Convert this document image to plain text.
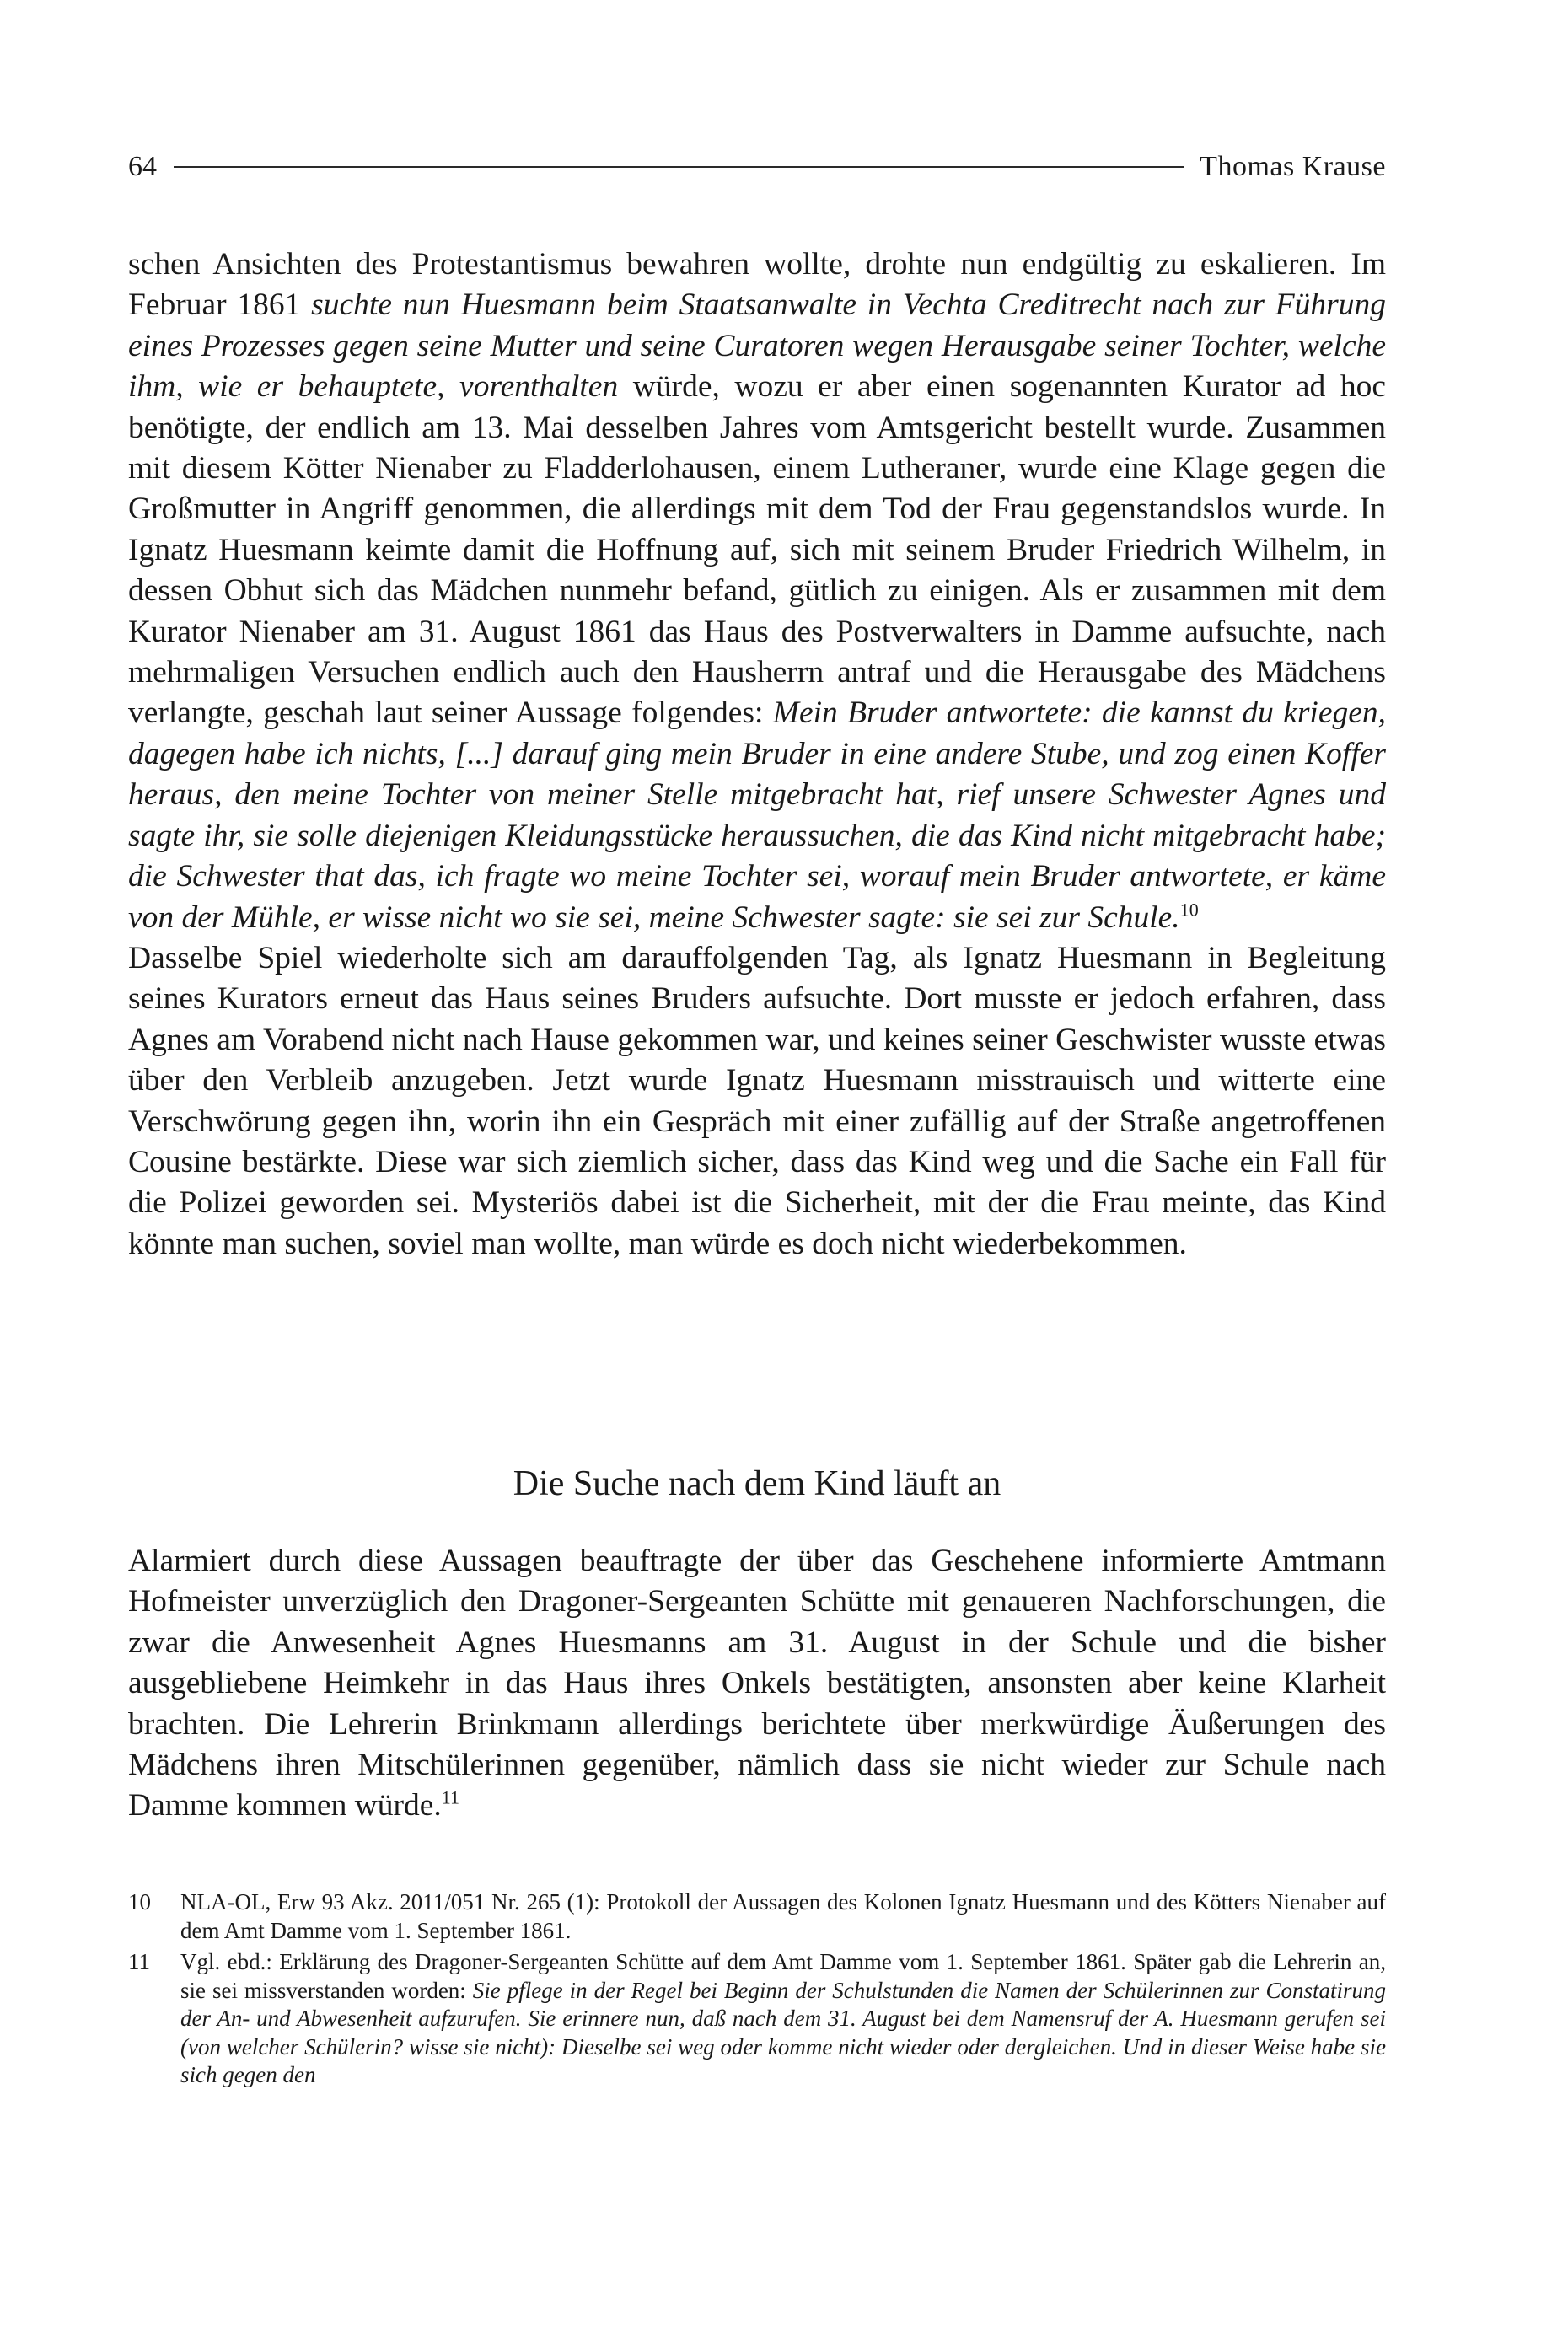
64	Thomas Krause

schen Ansichten des Protestantismus bewahren wollte, drohte nun endgültig zu eskalieren. Im Februar 1861 suchte nun Huesmann beim Staatsanwalte in Vechta Creditrecht nach zur Führung eines Prozesses gegen seine Mutter und seine Curatoren wegen Herausgabe seiner Tochter, welche ihm, wie er behauptete, vorenthalten würde, wozu er aber einen sogenannten Kurator ad hoc benötigte, der endlich am 13. Mai desselben Jahres vom Amtsgericht bestellt wurde. Zusammen mit diesem Kötter Nienaber zu Fladderlohausen, einem Lutheraner, wurde eine Klage gegen die Großmutter in Angriff genommen, die allerdings mit dem Tod der Frau gegenstandslos wurde. In Ignatz Huesmann keimte damit die Hoffnung auf, sich mit seinem Bruder Friedrich Wilhelm, in dessen Obhut sich das Mädchen nunmehr befand, gütlich zu einigen. Als er zusammen mit dem Kurator Nienaber am 31. August 1861 das Haus des Postverwalters in Damme aufsuchte, nach mehrmaligen Versuchen endlich auch den Hausherrn antraf und die Herausgabe des Mädchens verlangte, geschah laut seiner Aussage folgendes: Mein Bruder antwortete: die kannst du kriegen, dagegen habe ich nichts, [...] darauf ging mein Bruder in eine andere Stube, und zog einen Koffer heraus, den meine Tochter von meiner Stelle mitgebracht hat, rief unsere Schwester Agnes und sagte ihr, sie solle diejenigen Kleidungsstücke heraussuchen, die das Kind nicht mitgebracht habe; die Schwester that das, ich fragte wo meine Tochter sei, worauf mein Bruder antwortete, er käme von der Mühle, er wisse nicht wo sie sei, meine Schwester sagte: sie sei zur Schule.$^{10}$

Dasselbe Spiel wiederholte sich am darauffolgenden Tag, als Ignatz Huesmann in Begleitung seines Kurators erneut das Haus seines Bruders aufsuchte. Dort musste er jedoch erfahren, dass Agnes am Vorabend nicht nach Hause gekommen war, und keines seiner Geschwister wusste etwas über den Verbleib anzugeben. Jetzt wurde Ignatz Huesmann misstrauisch und witterte eine Verschwörung gegen ihn, worin ihn ein Gespräch mit einer zufällig auf der Straße angetroffenen Cousine bestärkte. Diese war sich ziemlich sicher, dass das Kind weg und die Sache ein Fall für die Polizei geworden sei. Mysteriös dabei ist die Sicherheit, mit der die Frau meinte, das Kind könnte man suchen, soviel man wollte, man würde es doch nicht wiederbekommen.

Die Suche nach dem Kind läuft an

Alarmiert durch diese Aussagen beauftragte der über das Geschehene informierte Amtmann Hofmeister unverzüglich den Dragoner-Sergeanten Schütte mit genaueren Nachforschungen, die zwar die Anwesenheit Agnes Huesmanns am 31. August in der Schule und die bisher ausgebliebene Heimkehr in das Haus ihres Onkels bestätigten, ansonsten aber keine Klarheit brachten. Die Lehrerin Brinkmann allerdings berichtete über merkwürdige Äußerungen des Mädchens ihren Mitschülerinnen gegenüber, nämlich dass sie nicht wieder zur Schule nach Damme kommen würde.$^{11}$

10	NLA-OL, Erw 93 Akz. 2011/051 Nr. 265 (1): Protokoll der Aussagen des Kolonen Ignatz Huesmann und des Kötters Nienaber auf dem Amt Damme vom 1. September 1861.
11	Vgl. ebd.: Erklärung des Dragoner-Sergeanten Schütte auf dem Amt Damme vom 1. September 1861. Später gab die Lehrerin an, sie sei missverstanden worden: Sie pflege in der Regel bei Beginn der Schulstunden die Namen der Schülerinnen zur Constatirung der An- und Abwesenheit aufzurufen. Sie erinnere nun, daß nach dem 31. August bei dem Namensruf der A. Huesmann gerufen sei (von welcher Schülerin? wisse sie nicht): Dieselbe sei weg oder komme nicht wieder oder dergleichen. Und in dieser Weise habe sie sich gegen den
